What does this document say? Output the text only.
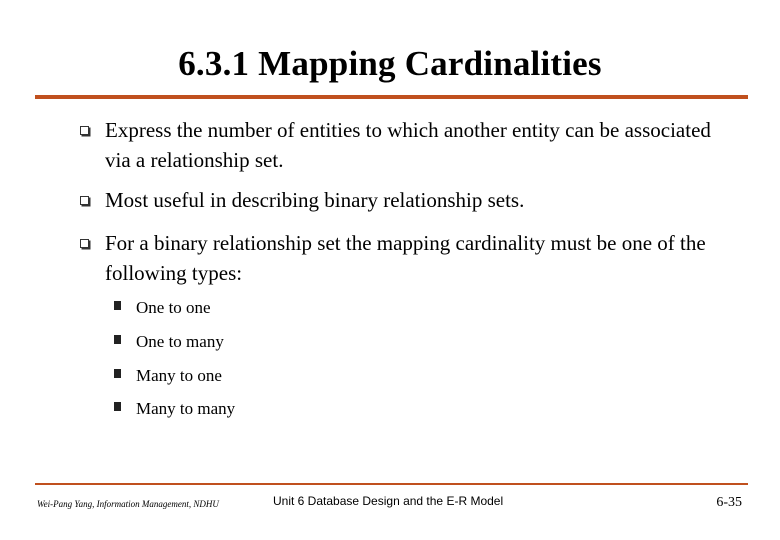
6.3.1 Mapping Cardinalities
Express the number of entities to which another entity can be associated via a relationship set.
Most useful in describing binary relationship sets.
For a binary relationship set the mapping cardinality must be one of the following types:
One to one
One to many
Many to one
Many to many
Wei-Pang Yang, Information Management, NDHU	Unit 6 Database Design and the E-R Model	6-35
